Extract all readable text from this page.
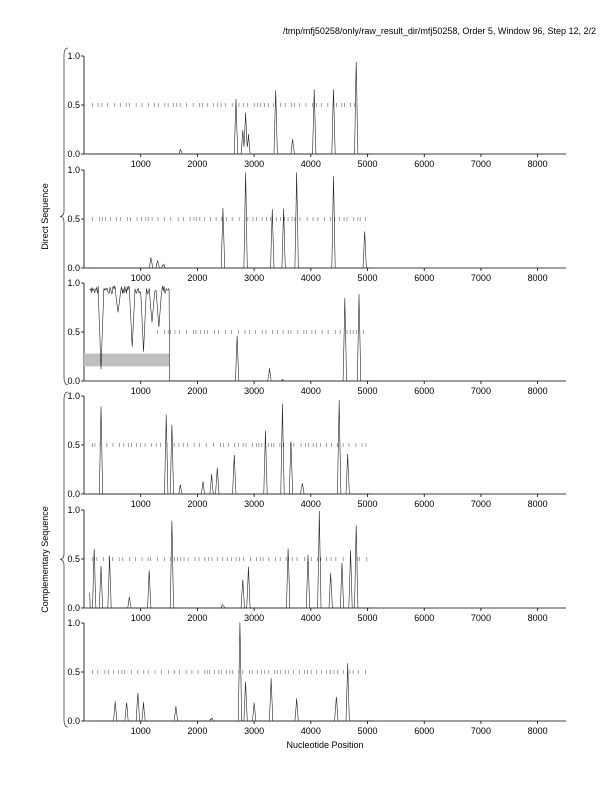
/tmp/mfj50258/only/raw_result_dir/mfj50258, Order 5, Window 96, Step 12, 2/2
0.0
0.5
1.0
1000	2000	3000	4000	5000	6000	7000	8000
0.0
0.5
1.0
1000	2000	3000	4000	5000	6000	7000	8000
0.0
0.5
1.0
1000	2000	3000	4000	5000	6000	7000	8000
0.0
0.5
1.0
1000	2000	3000	4000	5000	6000	7000	8000
0.0
0.5
1.0
1000	2000	3000	4000	5000	6000	7000	8000
0.0
0.5
1.0
1000	2000	3000	4000	5000	6000	7000	8000
Direct Sequence
Complementary Sequence
Nucleotide Position
